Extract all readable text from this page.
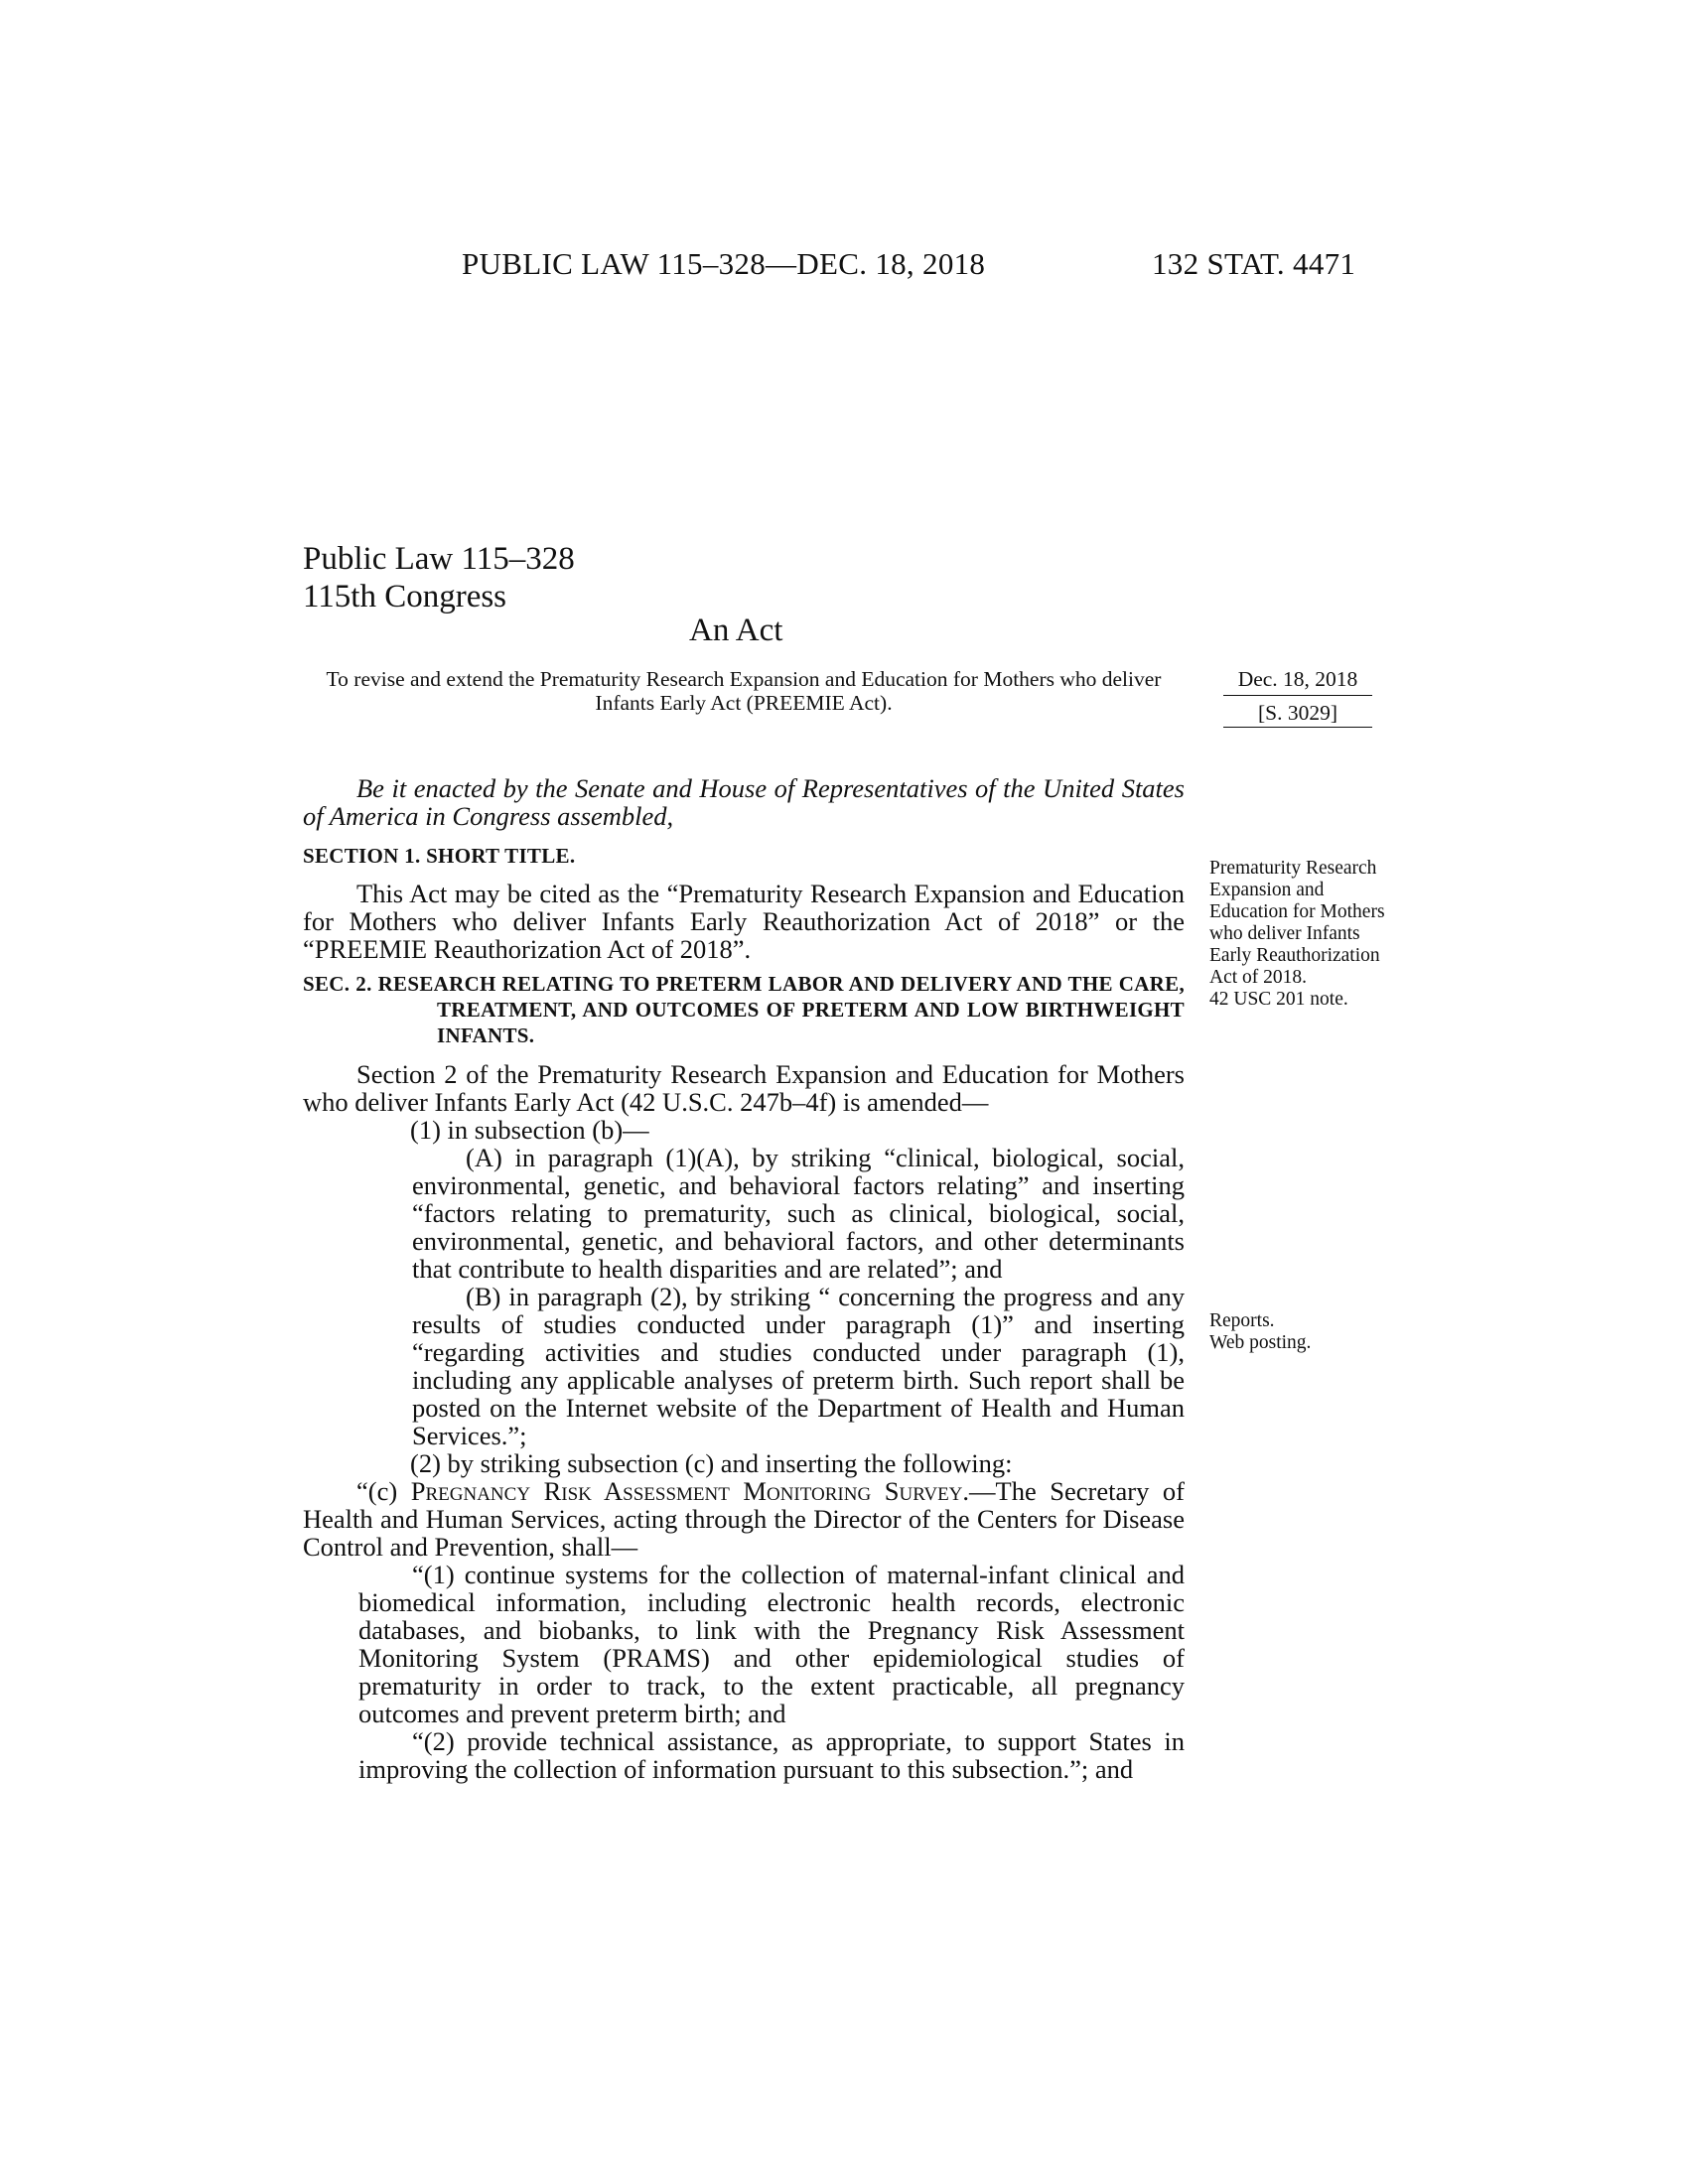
PUBLIC LAW 115–328—DEC. 18, 2018	132 STAT. 4471
Public Law 115–328
115th Congress
An Act
To revise and extend the Prematurity Research Expansion and Education for Mothers who deliver Infants Early Act (PREEMIE Act).
Dec. 18, 2018
[S. 3029]
Prematurity Research Expansion and Education for Mothers who deliver Infants Early Reauthorization Act of 2018.
42 USC 201 note.
Reports.
Web posting.

Be it enacted by the Senate and House of Representatives of the United States of America in Congress assembled,

SECTION 1. SHORT TITLE.

This Act may be cited as the “Prematurity Research Expansion and Education for Mothers who deliver Infants Early Reauthorization Act of 2018” or the “PREEMIE Reauthorization Act of 2018”.

SEC. 2. RESEARCH RELATING TO PRETERM LABOR AND DELIVERY AND THE CARE, TREATMENT, AND OUTCOMES OF PRETERM AND LOW BIRTHWEIGHT INFANTS.

Section 2 of the Prematurity Research Expansion and Education for Mothers who deliver Infants Early Act (42 U.S.C. 247b–4f) is amended—

(1) in subsection (b)—

(A) in paragraph (1)(A), by striking “clinical, biological, social, environmental, genetic, and behavioral factors relating” and inserting “factors relating to prematurity, such as clinical, biological, social, environmental, genetic, and behavioral factors, and other determinants that contribute to health disparities and are related”; and

(B) in paragraph (2), by striking “ concerning the progress and any results of studies conducted under paragraph (1)” and inserting “regarding activities and studies conducted under paragraph (1), including any applicable analyses of preterm birth. Such report shall be posted on the Internet website of the Department of Health and Human Services.”;

(2) by striking subsection (c) and inserting the following:

“(c) Pregnancy Risk Assessment Monitoring Survey.—The Secretary of Health and Human Services, acting through the Director of the Centers for Disease Control and Prevention, shall—

“(1) continue systems for the collection of maternal-infant clinical and biomedical information, including electronic health records, electronic databases, and biobanks, to link with the Pregnancy Risk Assessment Monitoring System (PRAMS) and other epidemiological studies of prematurity in order to track, to the extent practicable, all pregnancy outcomes and prevent preterm birth; and

“(2) provide technical assistance, as appropriate, to support States in improving the collection of information pursuant to this subsection.”; and
